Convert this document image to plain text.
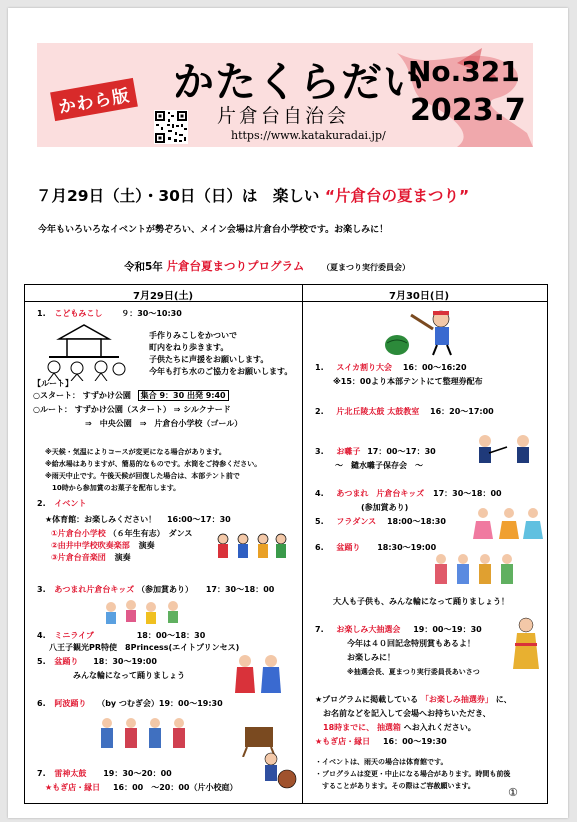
かわら版 かたくらだい
片倉台自治会
https://www.katakuradai.jp/
No.321
2023.7
７月29日（土）・30日（日）は　楽しい “片倉台の夏まつり”
今年もいろいろなイベントが勢ぞろい、メイン会場は片倉台小学校です。お楽しみに！
令和5年 片倉台夏まつりプログラム （夏まつり実行委員会）
7月29日(土)	7月30日(日)
1. こどもみこし ９：30〜10:30
手作りみこしをかついで
町内をねり歩きます。
子供たちに声援をお願いします。
今年も打ち水のご協力をお願いします。
【ルート】
○スタート： すずかけ公園 集合 9：30 出発 9:40
○ルート： すずかけ公園（スタート） ⇒ シルクナード
⇒　中央公園　⇒　片倉台小学校（ゴール）
※天候・気温によりコースが変更になる場合があります。
※給水場はありますが、簡易的なものです。水筒をご持参ください。
※雨天中止です。午後天候が回復した場合は、本部テント前で
　10時から参加賞のお菓子を配布します。
2. イベント
★体育館：お楽しみください！ 16:00〜17：30
①片倉台小学校 （６年生有志）　ダンス
②由井中学校吹奏楽部 演奏
③片倉台音楽団 演奏
3. あつまれ片倉台キッズ （参加賞あり） 17：30〜18：00
4. ミニライブ	18：00〜18：30
八王子観光PR特使　8Princess(エイトプリンセス)
5. 盆踊り 18：30〜19:00
みんな輪になって踊りましょう
6. 阿波踊り （by つむぎ会）19：00〜19:30
7. 雷神太鼓 19：30〜20：00
★もぎ店・縁日 16：00　〜20：00（片小校庭）
1. スイカ割り大会 16：00〜16:20
※15：00より本部テントにて整理券配布
2. 片北丘陵太鼓 太鼓教室 16：20〜17:00
3. お囃子 17：00〜17：30
〜　鑓水囃子保存会　〜
4. あつまれ　片倉台キッズ 17：30〜18：00
(参加賞あり)
5. フラダンス 18:00〜18:30
6. 盆踊り 18:30〜19:00
大人も子供も、みんな輪になって踊りましょう！
7. お楽しみ大抽選会 19：00〜19：30
今年は４０回記念特別賞もあるよ！
お楽しみに！
※抽選会長、夏まつり実行委員長あいさつ
★プログラムに掲載している 「お楽しみ抽選券」 に、
お名前などを記入して会場へお持ちいただき、
18時までに、 抽選箱 へお入れください。
★もぎ店・縁日 16：00〜19:30
・イベントは、雨天の場合は体育館です。
・プログラムは変更・中止になる場合があります。時間も前後
　することがあります。その際はご容赦願います。	①
